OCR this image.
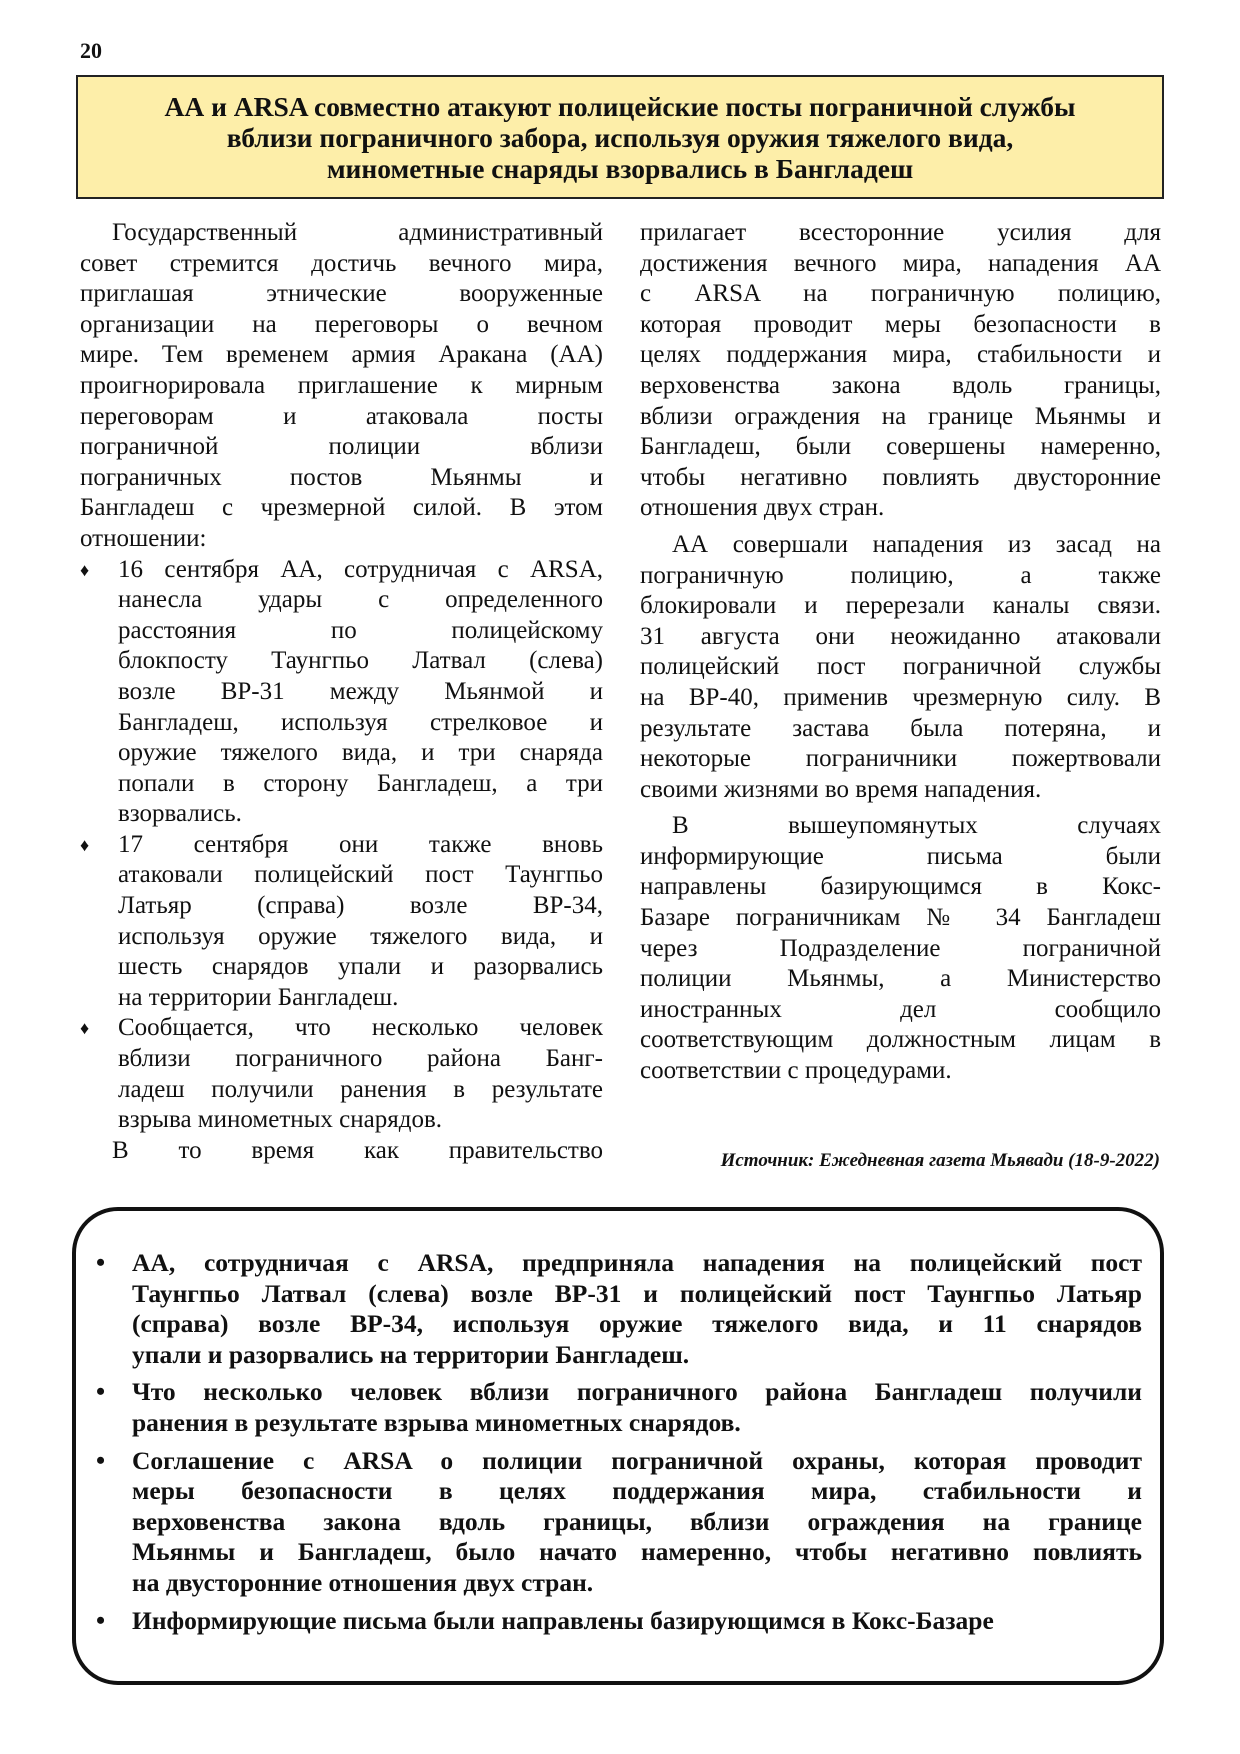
20
АА и ARSA совместно атакуют полицейские посты пограничной службы
вблизи пограничного забора, используя оружия тяжелого вида,
минометные снаряды взорвались в Бангладеш
Государственный административный
совет стремится достичь вечного мира,
приглашая этнические вооруженные
организации на переговоры о вечном
мире. Тем временем армия Аракана (АА)
проигнорировала приглашение к мирным
переговорам и атаковала посты
пограничной полиции вблизи
пограничных постов Мьянмы и
Бангладеш с чрезмерной силой. В этом
отношении:
♦ 16 сентября АА, сотрудничая с ARSA,
нанесла удары с определенного
расстояния по полицейскому
блокпосту Таунгпьо Латвал (слева)
возле BP-31 между Мьянмой и
Бангладеш, используя стрелковое и
оружие тяжелого вида, и три снаряда
попали в сторону Бангладеш, а три
взорвались.
♦ 17 сентября они также вновь
атаковали полицейский пост Таунгпьо
Латьяр (справа) возле BP-34,
используя оружие тяжелого вида, и
шесть снарядов упали и разорвались
на территории Бангладеш.
♦ Сообщается, что несколько человек
вблизи пограничного района Банг-
ладеш получили ранения в результате
взрыва минометных снарядов.
В то время как правительство
прилагает всесторонние усилия для
достижения вечного мира, нападения АА
с ARSA на пограничную полицию,
которая проводит меры безопасности в
целях поддержания мира, стабильности и
верховенства закона вдоль границы,
вблизи ограждения на границе Мьянмы и
Бангладеш, были совершены намеренно,
чтобы негативно повлиять двусторонние
отношения двух стран.
АА совершали нападения из засад на
пограничную полицию, а также
блокировали и перерезали каналы связи.
31 августа они неожиданно атаковали
полицейский пост пограничной службы
на BP-40, применив чрезмерную силу. В
результате застава была потеряна, и
некоторые пограничники пожертвовали
своими жизнями во время нападения.
В вышеупомянутых случаях
информирующие письма были
направлены базирующимся в Кокс-
Базаре пограничникам № 34 Бангладеш
через Подразделение пограничной
полиции Мьянмы, а Министерство
иностранных дел сообщило
соответствующим должностным лицам в
соответствии с процедурами.
Источник: Ежедневная газета Мьявади (18-9-2022)
• АА, сотрудничая с ARSA, предприняла нападения на полицейский пост
Таунгпьо Латвал (слева) возле BP-31 и полицейский пост Таунгпьо Латьяр
(справа) возле BP-34, используя оружие тяжелого вида, и 11 снарядов
упали и разорвались на территории Бангладеш.
• Что несколько человек вблизи пограничного района Бангладеш получили
ранения в результате взрыва минометных снарядов.
• Соглашение с ARSA о полиции пограничной охраны, которая проводит
меры безопасности в целях поддержания мира, стабильности и
верховенства закона вдоль границы, вблизи ограждения на границе
Мьянмы и Бангладеш, было начато намеренно, чтобы негативно повлиять
на двусторонние отношения двух стран.
• Информирующие письма были направлены базирующимся в Кокс-Базаре
